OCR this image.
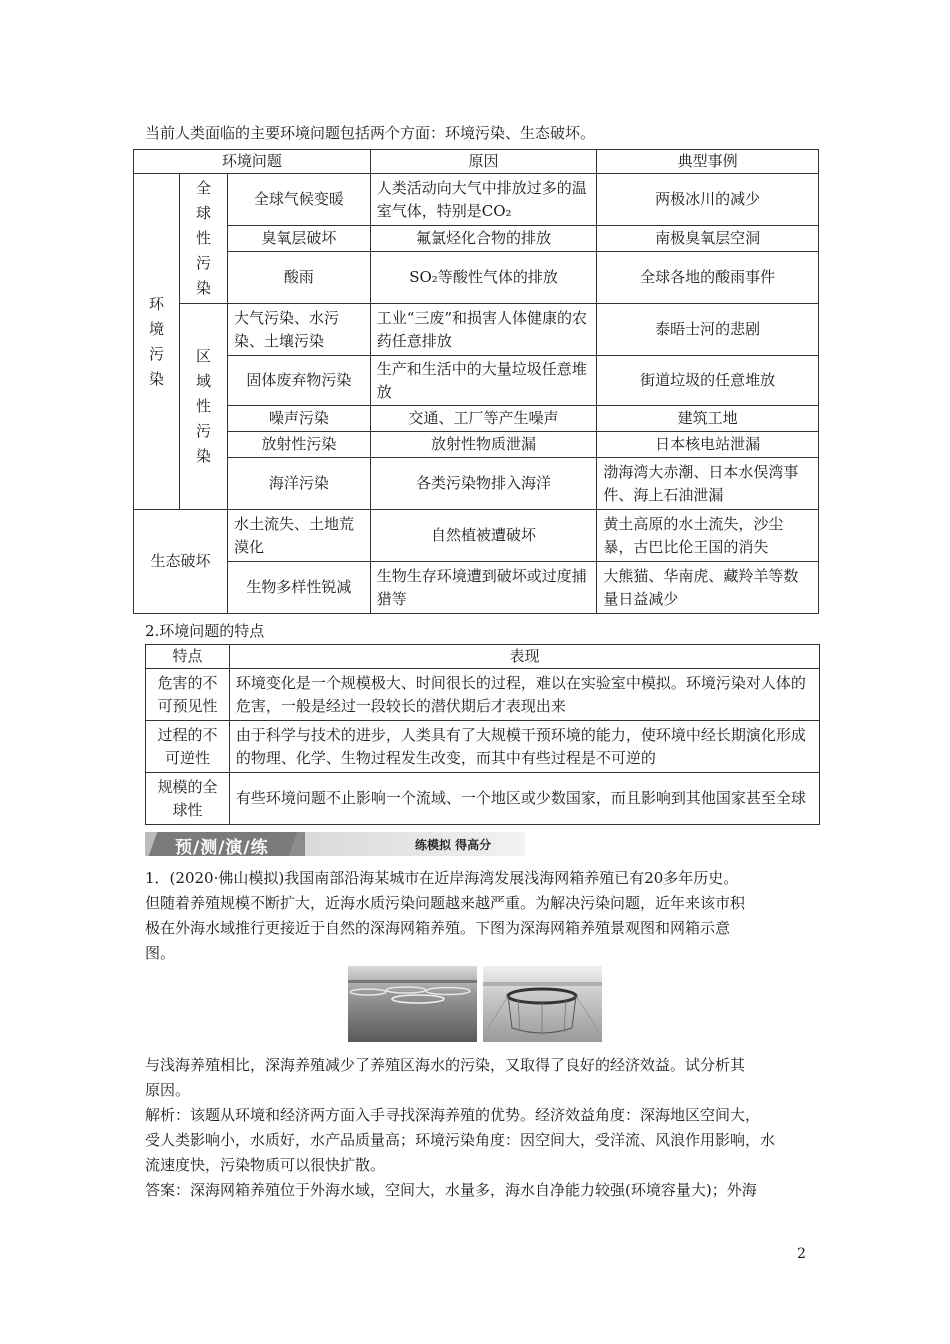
当前人类面临的主要环境问题包括两个方面：环境污染、生态破坏。
环境问题			原因	典型事例

环境污染	全球性污染	全球气候变暖	人类活动向大气中排放过多的温室气体，特别是CO₂	两极冰川的减少
		臭氧层破坏	氟氯烃化合物的排放	南极臭氧层空洞
		酸雨	SO₂等酸性气体的排放	全球各地的酸雨事件

	区域性污染	大气污染、水污染、土壤污染	工业“三废”和损害人体健康的农药任意排放	泰晤士河的悲剧
		固体废弃物污染	生产和生活中的大量垃圾任意堆放	街道垃圾的任意堆放
		噪声污染	交通、工厂等产生噪声	建筑工地
		放射性污染	放射性物质泄漏	日本核电站泄漏
		海洋污染	各类污染物排入海洋	渤海湾大赤潮、日本水俣湾事件、海上石油泄漏
生态破坏		水土流失、土地荒漠化	自然植被遭破坏	黄土高原的水土流失，沙尘暴，古巴比伦王国的消失
		生物多样性锐减	生物生存环境遭到破坏或过度捕猎等	大熊猫、华南虎、藏羚羊等数量日益减少
2.环境问题的特点
特点	表现
危害的不可预见性	环境变化是一个规模极大、时间很长的过程，难以在实验室中模拟。环境污染对人体的危害，一般是经过一段较长的潜伏期后才表现出来
过程的不可逆性	由于科学与技术的进步，人类具有了大规模干预环境的能力，使环境中经长期演化形成的物理、化学、生物过程发生改变，而其中有些过程是不可逆的
规模的全球性	有些环境问题不止影响一个流域、一个地区或少数国家，而且影响到其他国家甚至全球
预/测/演/练	练模拟 得高分
1．(2020·佛山模拟)我国南部沿海某城市在近岸海湾发展浅海网箱养殖已有20多年历史。
但随着养殖规模不断扩大，近海水质污染问题越来越严重。为解决污染问题，近年来该市积
极在外海水域推行更接近于自然的深海网箱养殖。下图为深海网箱养殖景观图和网箱示意
图。
与浅海养殖相比，深海养殖减少了养殖区海水的污染，又取得了良好的经济效益。试分析其
原因。
解析：该题从环境和经济两方面入手寻找深海养殖的优势。经济效益角度：深海地区空间大，
受人类影响小，水质好，水产品质量高；环境污染角度：因空间大，受洋流、风浪作用影响，水
流速度快，污染物质可以很快扩散。
答案：深海网箱养殖位于外海水域，空间大，水量多，海水自净能力较强(环境容量大)；外海
2
